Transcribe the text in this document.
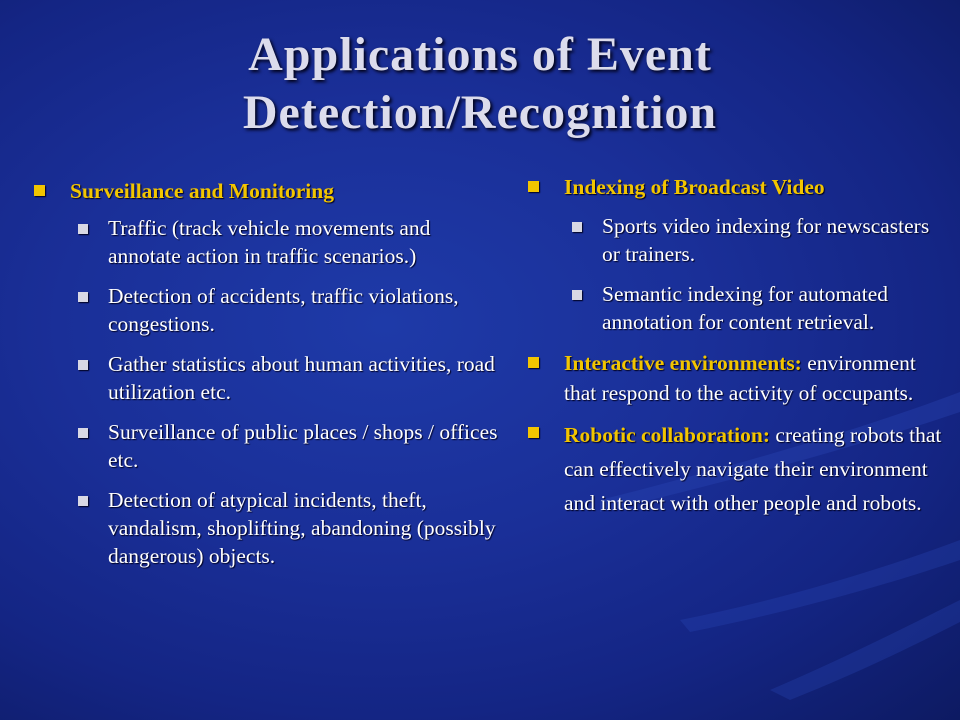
Applications of Event
Detection/Recognition
Surveillance and Monitoring
Traffic (track vehicle movements and annotate action in traffic scenarios.)
Detection of accidents, traffic violations, congestions.
Gather statistics about human activities, road utilization etc.
Surveillance of public places / shops / offices etc.
Detection of atypical incidents, theft, vandalism, shoplifting, abandoning (possibly dangerous) objects.
Indexing of Broadcast Video
Sports video indexing for newscasters or trainers.
Semantic indexing for automated annotation for content retrieval.
Interactive environments: environment that respond to the activity of occupants.
Robotic collaboration: creating robots that can effectively navigate their environment and interact with other people and robots.
